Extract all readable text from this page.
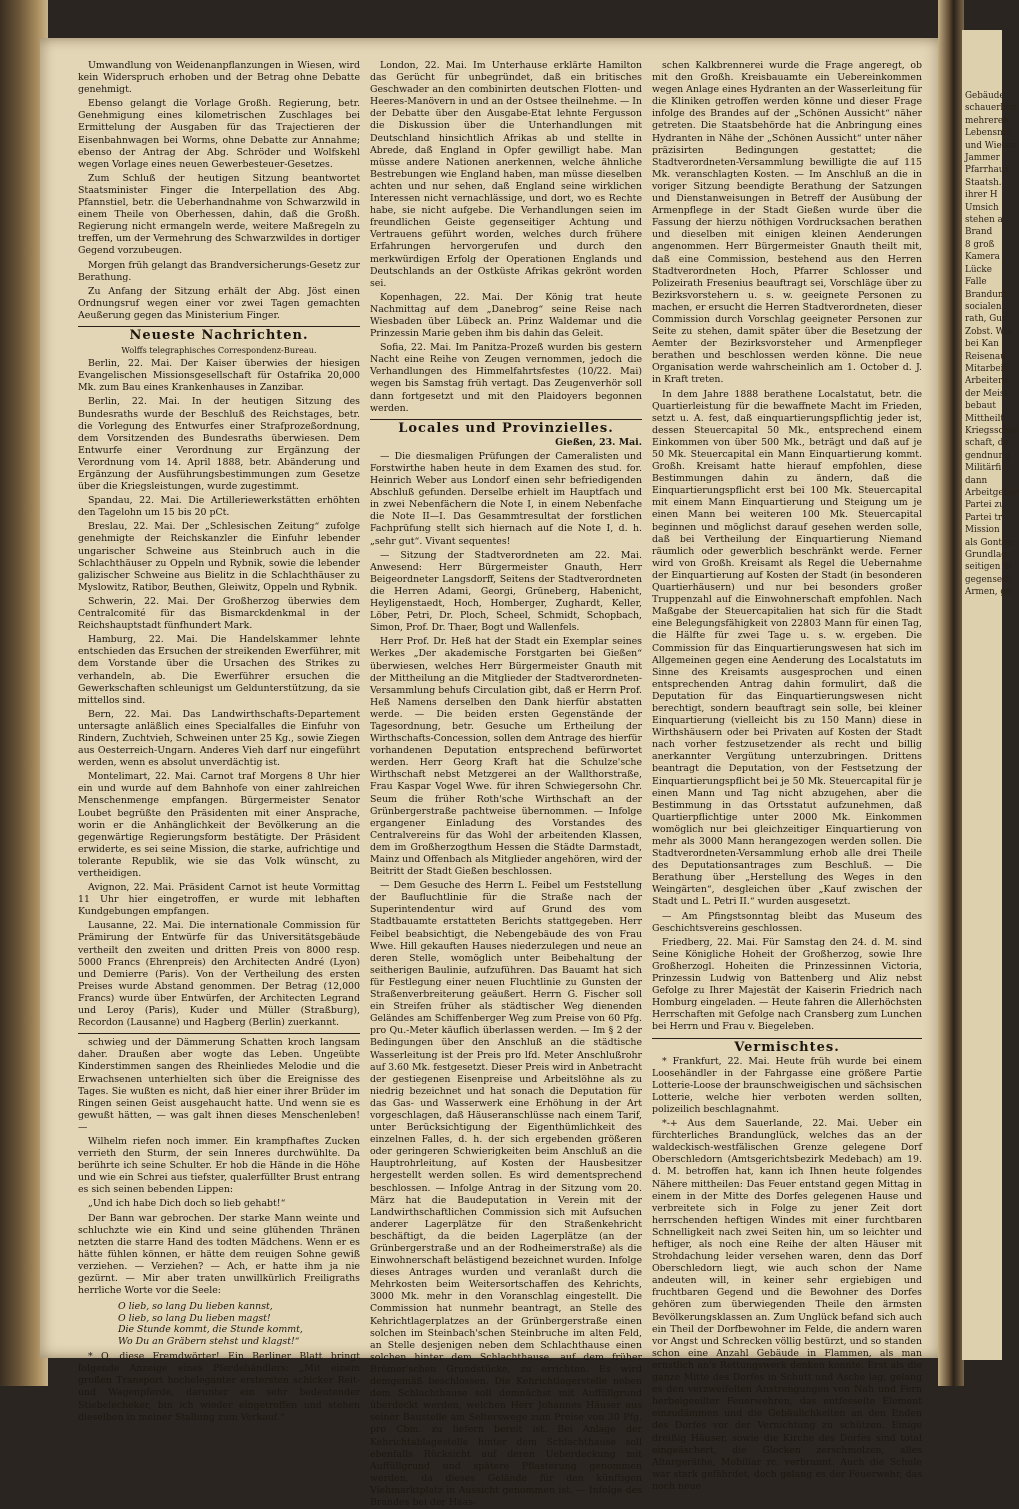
Gebäude
schauerlich
mehreren
Lebensmit
und Wiesen
Jammer
Pfarrhaus
Staatsh.
ihrer H
Umsich
stehen a
Brand
8 groß
Kamera
Lücke
Falle
Brandunt
socialen
rath, Gur
Zobst. Wie
bei Kan
Reisenau
Mitarbeit
Arbeitern
der Meist
bebaut
Mittheilt
Kriegsschul
schaft, de
gendnung
Militärfi
dann
Arbeitgeber
Partei zu
Partei tr
Mission
als Gonten
Grundlag
seitigen Si
gegenseiti
Armen, ge

Umwandlung von Weidenanpflanzungen in Wiesen, wird kein Widerspruch erhoben und der Betrag ohne Debatte genehmigt.

Ebenso gelangt die Vorlage Großh. Regierung, betr. Genehmigung eines kilometrischen Zuschlages bei Ermittelung der Ausgaben für das Trajectieren der Eisenbahnwagen bei Worms, ohne Debatte zur Annahme; ebenso der Antrag der Abg. Schröder und Wolfskehl wegen Vorlage eines neuen Gewerbesteuer-Gesetzes.

Zum Schluß der heutigen Sitzung beantwortet Staatsminister Finger die Interpellation des Abg. Pfannstiel, betr. die Ueberhandnahme von Schwarzwild in einem Theile von Oberhessen, dahin, daß die Großh. Regierung nicht ermangeln werde, weitere Maßregeln zu treffen, um der Vermehrung des Schwarzwildes in dortiger Gegend vorzubeugen.

Morgen früh gelangt das Brandversicherungs-Gesetz zur Berathung.

Zu Anfang der Sitzung erhält der Abg. Jöst einen Ordnungsruf wegen einer vor zwei Tagen gemachten Aeußerung gegen das Ministerium Finger.

Neueste Nachrichten.

Wolffs telegraphisches Correspondenz-Bureau.

Berlin, 22. Mai. Der Kaiser überwies der hiesigen Evangelischen Missionsgesellschaft für Ostafrika 20,000 Mk. zum Bau eines Krankenhauses in Zanzibar.

Berlin, 22. Mai. In der heutigen Sitzung des Bundesraths wurde der Beschluß des Reichstages, betr. die Vorlegung des Entwurfes einer Strafprozeßordnung, dem Vorsitzenden des Bundesraths überwiesen. Dem Entwurfe einer Verordnung zur Ergänzung der Verordnung vom 14. April 1888, betr. Abänderung und Ergänzung der Ausführungsbestimmungen zum Gesetze über die Kriegsleistungen, wurde zugestimmt.

Spandau, 22. Mai. Die Artilleriewerkstätten erhöhten den Tagelohn um 15 bis 20 pCt.

Breslau, 22. Mai. Der „Schlesischen Zeitung“ zufolge genehmigte der Reichskanzler die Einfuhr lebender ungarischer Schweine aus Steinbruch auch in die Schlachthäuser zu Oppeln und Rybnik, sowie die lebender galizischer Schweine aus Bielitz in die Schlachthäuser zu Myslowitz, Ratibor, Beuthen, Gleiwitz, Oppeln und Rybnik.

Schwerin, 22. Mai. Der Großherzog überwies dem Centralcomité für das Bismarckdenkmal in der Reichshauptstadt fünfhundert Mark.

Hamburg, 22. Mai. Die Handelskammer lehnte entschieden das Ersuchen der streikenden Ewerführer, mit dem Vorstande über die Ursachen des Strikes zu verhandeln, ab. Die Ewerführer ersuchen die Gewerkschaften schleunigst um Geldunterstützung, da sie mittellos sind.

Bern, 22. Mai. Das Landwirthschafts-Departement untersagte anläßlich eines Specialfalles die Einfuhr von Rindern, Zuchtvieh, Schweinen unter 25 Kg., sowie Ziegen aus Oesterreich-Ungarn. Anderes Vieh darf nur eingeführt werden, wenn es absolut unverdächtig ist.

Montelimart, 22. Mai. Carnot traf Morgens 8 Uhr hier ein und wurde auf dem Bahnhofe von einer zahlreichen Menschenmenge empfangen. Bürgermeister Senator Loubet begrüßte den Präsidenten mit einer Ansprache, worin er die Anhänglichkeit der Bevölkerung an die gegenwärtige Regierungsform bestätigte. Der Präsident erwiderte, es sei seine Mission, die starke, aufrichtige und tolerante Republik, wie sie das Volk wünscht, zu vertheidigen.

Avignon, 22. Mai. Präsident Carnot ist heute Vormittag 11 Uhr hier eingetroffen, er wurde mit lebhaften Kundgebungen empfangen.

Lausanne, 22. Mai. Die internationale Commission für Prämirung der Entwürfe für das Universitätsgebäude vertheilt den zweiten und dritten Preis von 8000 resp. 5000 Francs (Ehrenpreis) den Architecten André (Lyon) und Demierre (Paris). Von der Vertheilung des ersten Preises wurde Abstand genommen. Der Betrag (12,000 Francs) wurde über Entwürfen, der Architecten Legrand und Leroy (Paris), Kuder und Müller (Straßburg), Recordon (Lausanne) und Hagberg (Berlin) zuerkannt.

schwieg und der Dämmerung Schatten kroch langsam daher. Draußen aber wogte das Leben. Ungeübte Kinderstimmen sangen des Rheinliedes Melodie und die Erwachsenen unterhielten sich über die Ereignisse des Tages. Sie wußten es nicht, daß hier einer ihrer Brüder im Ringen seinen Geist ausgehaucht hatte. Und wenn sie es gewußt hätten, — was galt ihnen dieses Menschenleben! —

Wilhelm riefen noch immer. Ein krampfhaftes Zucken verrieth den Sturm, der sein Inneres durchwühlte. Da berührte ich seine Schulter. Er hob die Hände in die Höhe und wie ein Schrei aus tiefster, qualerfüllter Brust entrang es sich seinen bebenden Lippen:

„Und ich habe Dich doch so lieb gehabt!“

Der Bann war gebrochen. Der starke Mann weinte und schluchzte wie ein Kind und seine glühenden Thränen netzten die starre Hand des todten Mädchens. Wenn er es hätte fühlen können, er hätte dem reuigen Sohne gewiß verziehen. — Verziehen? — Ach, er hatte ihm ja nie gezürnt. — Mir aber traten unwillkürlich Freiligraths herrliche Worte vor die Seele:

O lieb, so lang Du lieben kannst,
O lieb, so lang Du lieben magst!
Die Stunde kommt, die Stunde kommt,
Wo Du an Gräbern stehst und klagst!“

* O, diese Fremdwörter! Ein Berliner Blatt bringt folgende Anzeige eines Pferdehändlers: „Mit einem großen Transport hocheleganter erstersten schicker Reit- und Wagenpferde, darunter ein sehr bedeutender Stiebelecheker, bin ich wieder eingetroffen und stehen dieselben in meiner Stallung zum Verkauf.“

London, 22. Mai. Im Unterhause erklärte Hamilton das Gerücht für unbegründet, daß ein britisches Geschwader an den combinirten deutschen Flotten- und Heeres-Manövern in und an der Ostsee theilnehme. — In der Debatte über den Ausgabe-Etat lehnte Fergusson die Diskussion über die Unterhandlungen mit Deutschland hinsichtlich Afrikas ab und stellte in Abrede, daß England in Opfer gewilligt habe. Man müsse andere Nationen anerkennen, welche ähnliche Bestrebungen wie England haben, man müsse dieselben achten und nur sehen, daß England seine wirklichen Interessen nicht vernachlässige, und dort, wo es Rechte habe, sie nicht aufgebe. Die Verhandlungen seien im freundlichen Geiste gegenseitiger Achtung und Vertrauens geführt worden, welches durch frühere Erfahrungen hervorgerufen und durch den merkwürdigen Erfolg der Operationen Englands und Deutschlands an der Ostküste Afrikas gekrönt worden sei.

Kopenhagen, 22. Mai. Der König trat heute Nachmittag auf dem „Danebrog“ seine Reise nach Wiesbaden über Lübeck an. Prinz Waldemar und die Prinzessin Marie geben ihm bis dahin das Geleit.

Sofia, 22. Mai. Im Panitza-Prozeß wurden bis gestern Nacht eine Reihe von Zeugen vernommen, jedoch die Verhandlungen des Himmelfahrtsfestes (10/22. Mai) wegen bis Samstag früh vertagt. Das Zeugenverhör soll dann fortgesetzt und mit den Plaidoyers begonnen werden.

Locales und Provinzielles.

Gießen, 23. Mai.

— Die diesmaligen Prüfungen der Cameralisten und Forstwirthe haben heute in dem Examen des stud. for. Heinrich Weber aus Londorf einen sehr befriedigenden Abschluß gefunden. Derselbe erhielt im Hauptfach und in zwei Nebenfächern die Note I, in einem Nebenfache die Note II—I. Das Gesammtresultat der forstlichen Fachprüfung stellt sich hiernach auf die Note I, d. h. „sehr gut“. Vivant sequentes!

— Sitzung der Stadtverordneten am 22. Mai. Anwesend: Herr Bürgermeister Gnauth, Herr Beigeordneter Langsdorff, Seitens der Stadtverordneten die Herren Adami, Georgi, Grüneberg, Habenicht, Heyligenstaedt, Hoch, Homberger, Zughardt, Keller, Löber, Petri, Dr. Ploch, Scheel, Schmidt, Schopbach, Simon, Prof. Dr. Thaer, Bogt und Wallenfels.

Herr Prof. Dr. Heß hat der Stadt ein Exemplar seines Werkes „Der akademische Forstgarten bei Gießen“ überwiesen, welches Herr Bürgermeister Gnauth mit der Mittheilung an die Mitglieder der Stadtverordneten-Versammlung behufs Circulation gibt, daß er Herrn Prof. Heß Namens derselben den Dank hierfür abstatten werde. — Die beiden ersten Gegenstände der Tagesordnung, betr. Gesuche um Ertheilung der Wirthschafts-Concession, sollen dem Antrage des hierfür vorhandenen Deputation entsprechend befürwortet werden. Herr Georg Kraft hat die Schulze'sche Wirthschaft nebst Metzgerei an der Wallthorstraße, Frau Kaspar Vogel Wwe. für ihren Schwiegersohn Chr. Seum die früher Roth'sche Wirthschaft an der Grünbergerstraße pachtweise übernommen. — Infolge ergangener Einladung des Vorstandes des Centralvereins für das Wohl der arbeitenden Klassen, dem im Großherzogthum Hessen die Städte Darmstadt, Mainz und Offenbach als Mitglieder angehören, wird der Beitritt der Stadt Gießen beschlossen.

— Dem Gesuche des Herrn L. Feibel um Feststellung der Baufluchtlinie für die Straße nach der Superintendentur wird auf Grund des vom Stadtbauamte erstatteten Berichts stattgegeben. Herr Feibel beabsichtigt, die Nebengebäude des von Frau Wwe. Hill gekauften Hauses niederzulegen und neue an deren Stelle, womöglich unter Beibehaltung der seitherigen Baulinie, aufzuführen. Das Bauamt hat sich für Festlegung einer neuen Fluchtlinie zu Gunsten der Straßenverbreiterung geäußert. Herrn G. Fischer soll ein Streifen früher als städtischer Weg dienenden Geländes am Schiffenberger Weg zum Preise von 60 Pfg. pro Qu.-Meter käuflich überlassen werden. — Im § 2 der Bedingungen über den Anschluß an die städtische Wasserleitung ist der Preis pro lfd. Meter Anschlußrohr auf 3.60 Mk. festgesetzt. Dieser Preis wird in Anbetracht der gestiegenen Eisenpreise und Arbeitslöhne als zu niedrig bezeichnet und hat sonach die Deputation für das Gas- und Wasserwerk eine Erhöhung in der Art vorgeschlagen, daß Häuseranschlüsse nach einem Tarif, unter Berücksichtigung der Eigenthümlichkeit des einzelnen Falles, d. h. der sich ergebenden größeren oder geringeren Schwierigkeiten beim Anschluß an die Hauptrohrleitung, auf Kosten der Hausbesitzer hergestellt werden sollen. Es wird dementsprechend beschlossen. — Infolge Antrag in der Sitzung vom 20. März hat die Baudeputation in Verein mit der Landwirthschaftlichen Commission sich mit Aufsuchen anderer Lagerplätze für den Straßenkehricht beschäftigt, da die beiden Lagerplätze (an der Grünbergerstraße und an der Rodheimerstraße) als die Einwohnerschaft belästigend bezeichnet wurden. Infolge dieses Antrages wurden und veranlaßt durch die Mehrkosten beim Weitersortschaffen des Kehrichts, 3000 Mk. mehr in den Voranschlag eingestellt. Die Commission hat nunmehr beantragt, an Stelle des Kehrichtlagerplatzes an der Grünbergerstraße einen solchen im Steinbach'schen Steinbruche im alten Feld, an Stelle desjenigen neben dem Schlachthause einen solchen hinter dem Schlachthause, auf dem früher Brömer'schen Grundstücke, zu errichten. Es wird demgemäß beschlossen. Die Kehrichtlagerstelle neben dem Schlachthause soll demnächst mit Auffüllgrund überdeckt werden, welchen Herr Johannes Häuser aus seiner Baustelle am Selterswege zum Preise von 30 Pfg. pro Cbm. zu liefern bereit ist. Bei Anlage der Kehrichtablagestelle hinter dem Schlachthause soll ebenfalls Rücksicht auf deren Ueberdeckung mit Auffüllgrund und spätere Pflasterung genommen werden, da dieses Gelände für den künftigen Viehmarktplatz in Aussicht genommen ist. — Infolge des Brandes bei der Haas-

schen Kalkbrennerei wurde die Frage angeregt, ob mit den Großh. Kreisbauamte ein Uebereinkommen wegen Anlage eines Hydranten an der Wasserleitung für die Kliniken getroffen werden könne und dieser Frage infolge des Brandes auf der „Schönen Aussicht“ näher getreten. Die Staatsbehörde hat die Anbringung eines Hydranten in Nähe der „Schönen Aussicht“ unter näher präzisirten Bedingungen gestattet; die Stadtverordneten-Versammlung bewilligte die auf 115 Mk. veranschlagten Kosten. — Im Anschluß an die in voriger Sitzung beendigte Berathung der Satzungen und Dienstanweisungen in Betreff der Ausübung der Armenpflege in der Stadt Gießen wurde über die Fassung der hierzu nöthigen Vordrucksachen berathen und dieselben mit einigen kleinen Aenderungen angenommen. Herr Bürgermeister Gnauth theilt mit, daß eine Commission, bestehend aus den Herren Stadtverordneten Hoch, Pfarrer Schlosser und Polizeirath Fresenius beauftragt sei, Vorschläge über zu Bezirksvorstehern u. s. w. geeignete Personen zu machen, er ersucht die Herren Stadtverordneten, dieser Commission durch Vorschlag geeigneter Personen zur Seite zu stehen, damit später über die Besetzung der Aemter der Bezirksvorsteher und Armenpfleger berathen und beschlossen werden könne. Die neue Organisation werde wahrscheinlich am 1. October d. J. in Kraft treten.

In dem Jahre 1888 berathene Localstatut, betr. die Quartierleistung für die bewaffnete Macht im Frieden, setzt u. A. fest, daß einquartierungspflichtig jeder ist, dessen Steuercapital 50 Mk., entsprechend einem Einkommen von über 500 Mk., beträgt und daß auf je 50 Mk. Steuercapital ein Mann Einquartierung kommt. Großh. Kreisamt hatte hierauf empfohlen, diese Bestimmungen dahin zu ändern, daß die Einquartierungspflicht erst bei 100 Mk. Steuercapital mit einem Mann Einquartierung und Steigung um je einen Mann bei weiteren 100 Mk. Steuercapital beginnen und möglichst darauf gesehen werden solle, daß bei Vertheilung der Einquartierung Niemand räumlich oder gewerblich beschränkt werde. Ferner wird von Großh. Kreisamt als Regel die Uebernahme der Einquartierung auf Kosten der Stadt (in besonderen Quartierhäusern) und nur bei besonders großer Truppenzahl auf die Einwohnerschaft empfohlen. Nach Maßgabe der Steuercapitalien hat sich für die Stadt eine Belegungsfähigkeit von 22803 Mann für einen Tag, die Hälfte für zwei Tage u. s. w. ergeben. Die Commission für das Einquartierungswesen hat sich im Allgemeinen gegen eine Aenderung des Localstatuts im Sinne des Kreisamts ausgesprochen und einen entsprechenden Antrag dahin formulirt, daß die Deputation für das Einquartierungswesen nicht berechtigt, sondern beauftragt sein solle, bei kleiner Einquartierung (vielleicht bis zu 150 Mann) diese in Wirthshäusern oder bei Privaten auf Kosten der Stadt nach vorher festzusetzender als recht und billig anerkannter Vergütung unterzubringen. Drittens beantragt die Deputation, von der Festsetzung der Einquartierungspflicht bei je 50 Mk. Steuercapital für je einen Mann und Tag nicht abzugehen, aber die Bestimmung in das Ortsstatut aufzunehmen, daß Quartierpflichtige unter 2000 Mk. Einkommen womöglich nur bei gleichzeitiger Einquartierung von mehr als 3000 Mann herangezogen werden sollen. Die Stadtverordneten-Versammlung erhob alle drei Theile des Deputationsantrages zum Beschluß. — Die Berathung über „Herstellung des Weges in den Weingärten“, desgleichen über „Kauf zwischen der Stadt und L. Petri II.“ wurden ausgesetzt.

— Am Pfingstsonntag bleibt das Museum des Geschichtsvereins geschlossen.

Friedberg, 22. Mai. Für Samstag den 24. d. M. sind Seine Königliche Hoheit der Großherzog, sowie Ihre Großherzogl. Hoheiten die Prinzessinnen Victoria, Prinzessin Ludwig von Battenberg und Aliz nebst Gefolge zu Ihrer Majestät der Kaiserin Friedrich nach Homburg eingeladen. — Heute fahren die Allerhöchsten Herrschaften mit Gefolge nach Cransberg zum Lunchen bei Herrn und Frau v. Biegeleben.

Vermischtes.

* Frankfurt, 22. Mai. Heute früh wurde bei einem Loosehändler in der Fahrgasse eine größere Partie Lotterie-Loose der braunschweigischen und sächsischen Lotterie, welche hier verboten werden sollten, polizeilich beschlagnahmt.

*-+ Aus dem Sauerlande, 22. Mai. Ueber ein fürchterliches Brandunglück, welches das an der waldeckisch-westfälischen Grenze gelegene Dorf Oberschledorn (Amtsgerichtsbezirk Medebach) am 19. d. M. betroffen hat, kann ich Ihnen heute folgendes Nähere mittheilen: Das Feuer entstand gegen Mittag in einem in der Mitte des Dorfes gelegenen Hause und verbreitete sich in Folge zu jener Zeit dort herrschenden heftigen Windes mit einer furchtbaren Schnelligkeit nach zwei Seiten hin, um so leichter und heftiger, als noch eine Reihe der alten Häuser mit Strohdachung leider versehen waren, denn das Dorf Oberschledorn liegt, wie auch schon der Name andeuten will, in keiner sehr ergiebigen und fruchtbaren Gegend und die Bewohner des Dorfes gehören zum überwiegenden Theile den ärmsten Bevölkerungsklassen an. Zum Unglück befand sich auch ein Theil der Dorfbewohner im Felde, die andern waren vor Angst und Schrecken völlig bestürzt, und so standen schon eine Anzahl Gebäude in Flammen, als man ernstlich an's Rettungswerk denken konnte. Erst als die ganze Mitte des Dorfes in Schutt und Asche lag, gelang es den verzweifelten Anstrengungen von Nah und Fern herbeigeeilter Feuerwehren, das entfesselte Element einzudämmen und die Gebäulichkeiten an den Enden des Dorfes vor der Vernichtung zu schützen. Einige dreißig Häuser, sowie die Kirche des Dorfes sind total eingeäschert, die Glocken zerschmolzen, alles Altargeräthe, Mobiliar rc. verbrannt. Auch die Schule war stark gefährdet, doch gelang es der Feuerwehr, das noch neue
